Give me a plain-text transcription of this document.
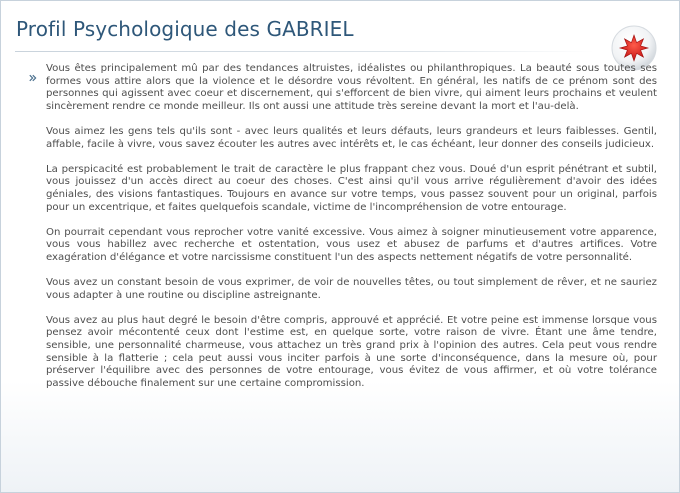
Profil Psychologique des GABRIEL

Vous êtes principalement mû par des tendances altruistes, idéalistes ou philanthropiques. La beauté sous toutes ses formes vous attire alors que la violence et le désordre vous révoltent. En général, les natifs de ce prénom sont des personnes qui agissent avec coeur et discernement, qui s'efforcent de bien vivre, qui aiment leurs prochains et veulent sincèrement rendre ce monde meilleur. Ils ont aussi une attitude très sereine devant la mort et l'au-delà.

Vous aimez les gens tels qu'ils sont - avec leurs qualités et leurs défauts, leurs grandeurs et leurs faiblesses. Gentil, affable, facile à vivre, vous savez écouter les autres avec intérêts et, le cas échéant, leur donner des conseils judicieux.

La perspicacité est probablement le trait de caractère le plus frappant chez vous. Doué d'un esprit pénétrant et subtil, vous jouissez d'un accès direct au coeur des choses. C'est ainsi qu'il vous arrive régulièrement d'avoir des idées géniales, des visions fantastiques. Toujours en avance sur votre temps, vous passez souvent pour un original, parfois pour un excentrique, et faites quelquefois scandale, victime de l'incompréhension de votre entourage.

On pourrait cependant vous reprocher votre vanité excessive. Vous aimez à soigner minutieusement votre apparence, vous vous habillez avec recherche et ostentation, vous usez et abusez de parfums et d'autres artifices. Votre exagération d'élégance et votre narcissisme constituent l'un des aspects nettement négatifs de votre personnalité.

Vous avez un constant besoin de vous exprimer, de voir de nouvelles têtes, ou tout simplement de rêver, et ne sauriez vous adapter à une routine ou discipline astreignante.

Vous avez au plus haut degré le besoin d'être compris, approuvé et apprécié. Et votre peine est immense lorsque vous pensez avoir mécontenté ceux dont l'estime est, en quelque sorte, votre raison de vivre. Étant une âme tendre, sensible, une personnalité charmeuse, vous attachez un très grand prix à l'opinion des autres. Cela peut vous rendre sensible à la flatterie ; cela peut aussi vous inciter parfois à une sorte d'inconséquence, dans la mesure où, pour préserver l'équilibre avec des personnes de votre entourage, vous évitez de vous affirmer, et où votre tolérance passive débouche finalement sur une certaine compromission.
